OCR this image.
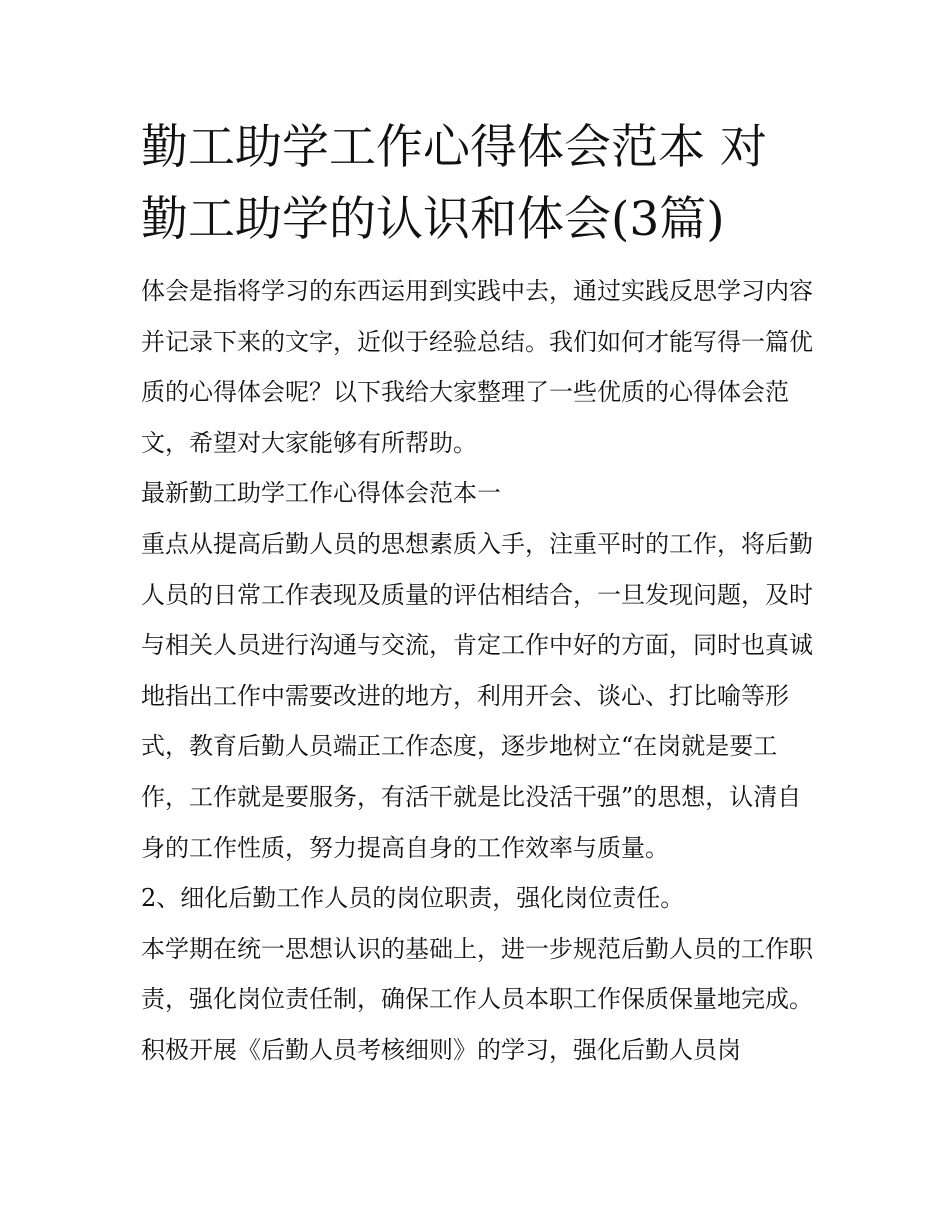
勤工助学工作心得体会范本 对勤工助学的认识和体会(3篇)

体会是指将学习的东西运用到实践中去，通过实践反思学习内容并记录下来的文字，近似于经验总结。我们如何才能写得一篇优质的心得体会呢？以下我给大家整理了一些优质的心得体会范文，希望对大家能够有所帮助。

最新勤工助学工作心得体会范本一

重点从提高后勤人员的思想素质入手，注重平时的工作，将后勤人员的日常工作表现及质量的评估相结合，一旦发现问题，及时与相关人员进行沟通与交流，肯定工作中好的方面，同时也真诚地指出工作中需要改进的地方，利用开会、谈心、打比喻等形式，教育后勤人员端正工作态度，逐步地树立“在岗就是要工作，工作就是要服务，有活干就是比没活干强”的思想，认清自身的工作性质，努力提高自身的工作效率与质量。

2、细化后勤工作人员的岗位职责，强化岗位责任。

本学期在统一思想认识的基础上，进一步规范后勤人员的工作职责，强化岗位责任制，确保工作人员本职工作保质保量地完成。积极开展《后勤人员考核细则》的学习，强化后勤人员岗
